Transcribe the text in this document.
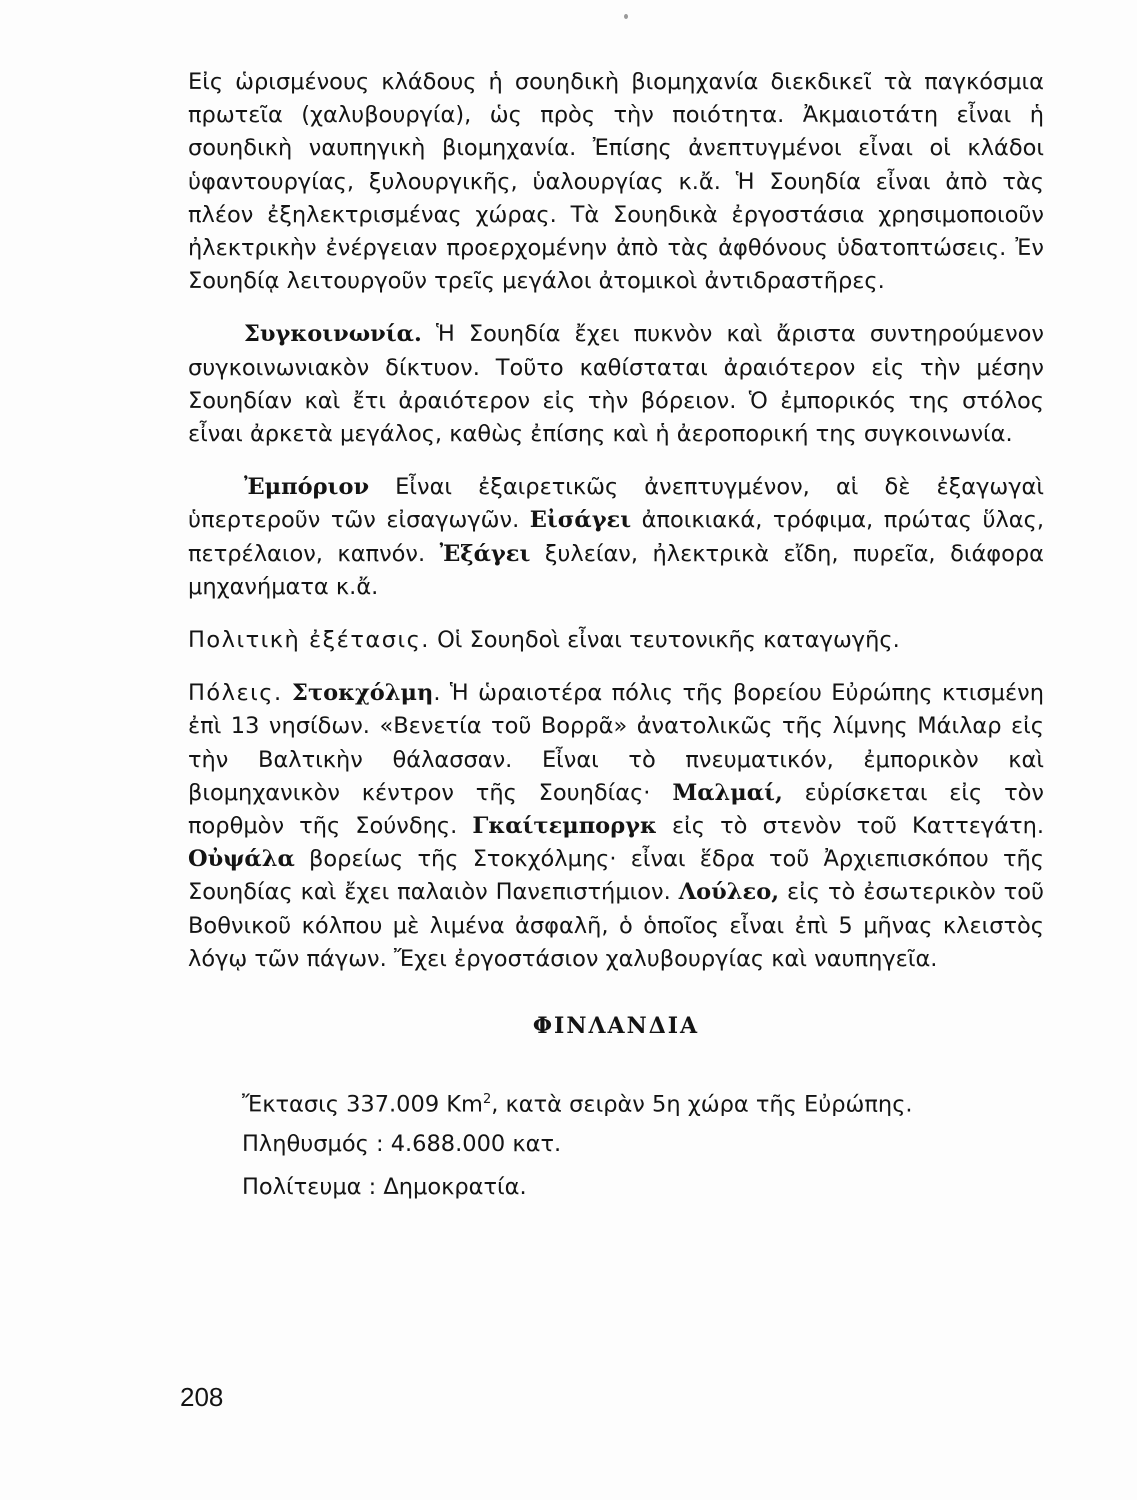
Εἰς ὡρισμένους κλάδους ἡ σουηδικὴ βιομηχανία διεκδικεῖ τὰ παγκόσμια πρωτεῖα (χαλυβουργία), ὡς πρὸς τὴν ποιότητα. Ἀκμαιοτάτη εἶναι ἡ σουηδικὴ ναυπηγικὴ βιομηχανία. Ἐπίσης ἀνεπτυγμένοι εἶναι οἱ κλάδοι ὑφαντουργίας, ξυλουργικῆς, ὑαλουργίας κ.ἄ. Ἡ Σουηδία εἶναι ἀπὸ τὰς πλέον ἐξηλεκτρισμένας χώρας. Τὰ Σουηδικὰ ἐργοστάσια χρησιμοποιοῦν ἠλεκτρικὴν ἐνέργειαν προερχομένην ἀπὸ τὰς ἀφθόνους ὑδατοπτώσεις. Ἐν Σουηδίᾳ λειτουργοῦν τρεῖς μεγάλοι ἀτομικοὶ ἀντιδραστῆρες.

Συγκοινωνία. Ἡ Σουηδία ἔχει πυκνὸν καὶ ἄριστα συντηρούμενον συγκοινωνιακὸν δίκτυον. Τοῦτο καθίσταται ἀραιότερον εἰς τὴν μέσην Σουηδίαν καὶ ἔτι ἀραιότερον εἰς τὴν βόρειον. Ὁ ἐμπορικός της στόλος εἶναι ἀρκετὰ μεγάλος, καθὼς ἐπίσης καὶ ἡ ἀεροπορική της συγκοινωνία.

Ἐμπόριον Εἶναι ἐξαιρετικῶς ἀνεπτυγμένον, αἱ δὲ ἐξαγωγαὶ ὑπερτεροῦν τῶν εἰσαγωγῶν. Εἰσάγει ἀποικιακά, τρόφιμα, πρώτας ὕλας, πετρέλαιον, καπνόν. Ἐξάγει ξυλείαν, ἠλεκτρικὰ εἴδη, πυρεῖα, διάφορα μηχανήματα κ.ἄ.

Πολιτικὴ ἐξέτασις. Οἱ Σουηδοὶ εἶναι τευτονικῆς καταγωγῆς.

Πόλεις. Στοκχόλμη. Ἡ ὡραιοτέρα πόλις τῆς βορείου Εὐρώπης κτισμένη ἐπὶ 13 νησίδων. «Βενετία τοῦ Βορρᾶ» ἀνατολικῶς τῆς λίμνης Μάιλαρ εἰς τὴν Βαλτικὴν θάλασσαν. Εἶναι τὸ πνευματικόν, ἐμπορικὸν καὶ βιομηχανικὸν κέντρον τῆς Σουηδίας· Μαλμαί, εὑρίσκεται εἰς τὸν πορθμὸν τῆς Σούνδης. Γκαίτεμποργκ εἰς τὸ στενὸν τοῦ Καττεγάτη. Οὐψάλα βορείως τῆς Στοκχόλμης· εἶναι ἕδρα τοῦ Ἀρχιεπισκόπου τῆς Σουηδίας καὶ ἔχει παλαιὸν Πανεπιστήμιον. Λούλεο, εἰς τὸ ἐσωτερικὸν τοῦ Βοθνικοῦ κόλπου μὲ λιμένα ἀσφαλῆ, ὁ ὁποῖος εἶναι ἐπὶ 5 μῆνας κλειστὸς λόγῳ τῶν πάγων. Ἔχει ἐργοστάσιον χαλυβουργίας καὶ ναυπηγεῖα.

ΦΙΝΛΑΝΔΙΑ
Ἔκτασις 337.009 Km$^2$, κατὰ σειρὰν 5η χώρα τῆς Εὐρώπης.
Πληθυσμός : 4.688.000 κατ.
Πολίτευμα : Δημοκρατία.
208
